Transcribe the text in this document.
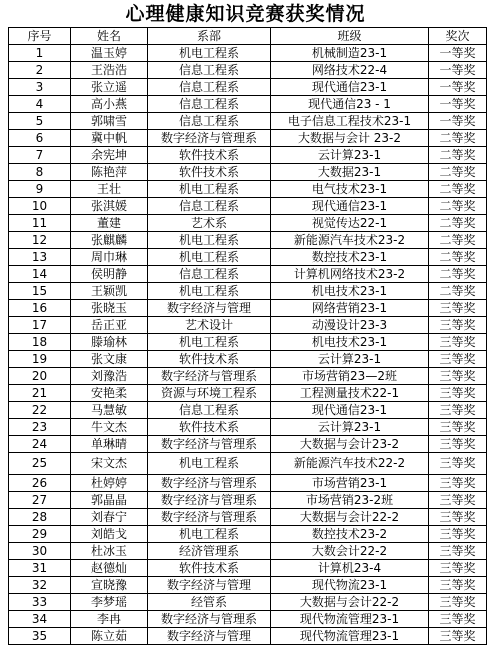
心理健康知识竞赛获奖情况
序号	姓名	系部	班级	奖次
1	温玉婷	机电工程系	机械制造23-1	一等奖
2	王浩浩	信息工程系	网络技术22-4	一等奖
3	张立遥	信息工程系	现代通信23-1	一等奖
4	高小燕	信息工程系	现代通信23 - 1	一等奖
5	郭啸雪	信息工程系	电子信息工程技术23-1	一等奖
6	冀中帆	数字经济与管理系	大数据与会计 23-2	二等奖
7	余宪坤	软件技术系	云计算23-1	二等奖
8	陈艳萍	软件技术系	大数据23-1	二等奖
9	王壮	机电工程系	电气技术23-1	二等奖
10	张淇媛	信息工程系	现代通信23-1	二等奖
11	董建	艺术系	视觉传达22-1	二等奖
12	张麒麟	机电工程系	新能源汽车技术23-2	二等奖
13	周巾琳	机电工程系	数控技术23-1	二等奖
14	侯明静	信息工程系	计算机网络技术23-2	二等奖
15	王颖凯	机电工程系	机电技术23-1	二等奖
16	张晓玉	数字经济与管理	网络营销23-1	三等奖
17	岳正亚	艺术设计	动漫设计23-3	三等奖
18	滕瑜林	机电工程系	机电技术23-1	三等奖
19	张文康	软件技术系	云计算23-1	三等奖
20	刘豫浩	数字经济与管理系	市场营销23—2班	三等奖
21	安艳柔	资源与环境工程系	工程测量技术22-1	三等奖
22	马慧敏	信息工程系	现代通信23-1	三等奖
23	牛文杰	软件技术系	云计算23-1	三等奖
24	单琳晴	数字经济与管理系	大数据与会计23-2	三等奖
25	宋文杰	机电工程系	新能源汽车技术22-2	三等奖
26	杜婷婷	数字经济与管理系	市场营销23-1	三等奖
27	郭晶晶	数字经济与管理系	市场营销23-2班	三等奖
28	刘春宁	数字经济与管理系	大数据与会计22-2	三等奖
29	刘皓戈	机电工程系	数控技术23-2	三等奖
30	杜冰玉	经济管理系	大数会计22-2	三等奖
31	赵德灿	软件技术系	计算机23-4	三等奖
32	宣晓豫	数字经济与管理	现代物流23-1	三等奖
33	李梦瑶	经管系	大数据与会计22-2	三等奖
34	李冉	数字经济与管理系	现代物流管理23-1	三等奖
35	陈立茹	数字经济与管理	现代物流管理23-1	三等奖
